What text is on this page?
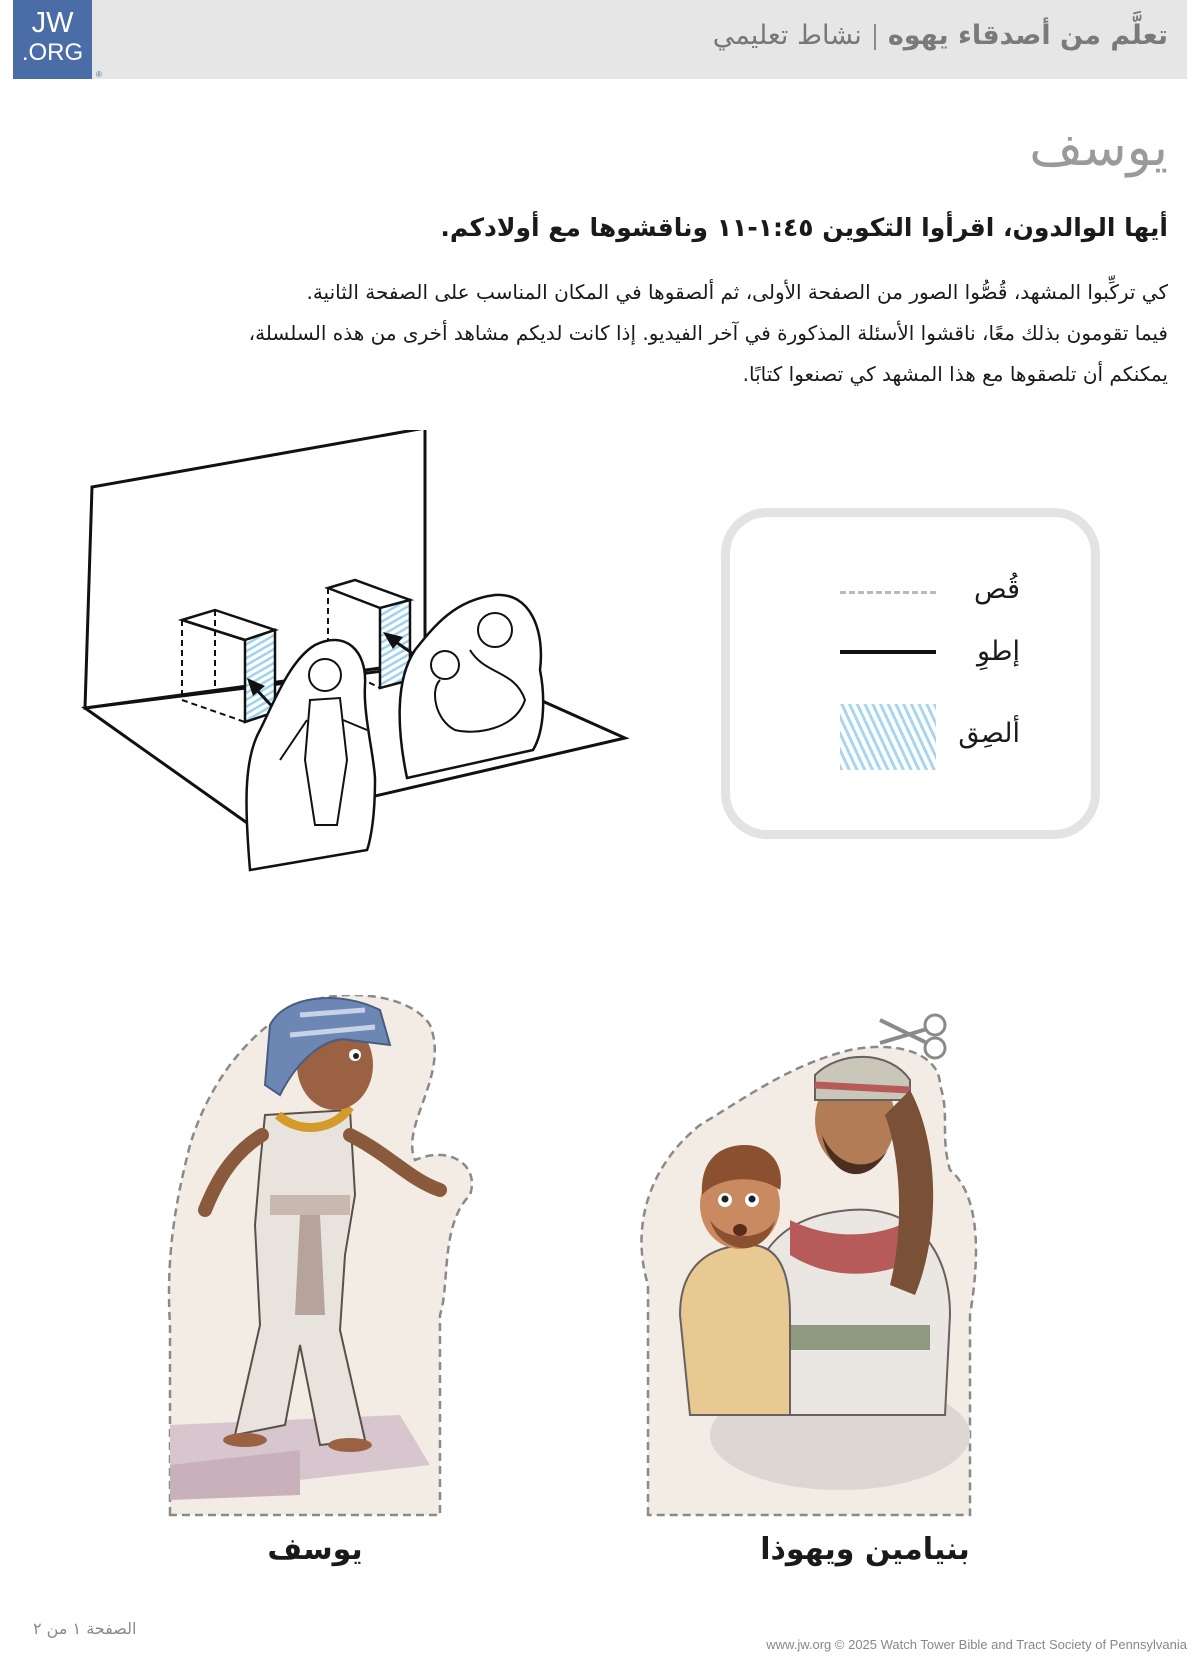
JW
.ORG
®
تعلَّم من أصدقاء يهوهنشاط تعليمي
يوسف
أيها الوالدون، اقرأوا التكوين ٤٥:‏١-‏١١ وناقشوها مع أولادكم.

كي تركِّبوا المشهد، قُصُّوا الصور من الصفحة الأولى، ثم ألصقوها في المكان المناسب على الصفحة الثانية.

فيما تقومون بذلك معًا، ناقشوا الأسئلة المذكورة في آخر الفيديو. إذا كانت لديكم مشاهد أخرى من هذه السلسلة،

يمكنكم أن تلصقوها مع هذا المشهد كي تصنعوا كتابًا.

قُص
إطوِ
ألصِق
بنيامين ويهوذا
يوسف
الصفحة ١ من ٢
www.jw.org © 2025 Watch Tower Bible and Tract Society of Pennsylvania
